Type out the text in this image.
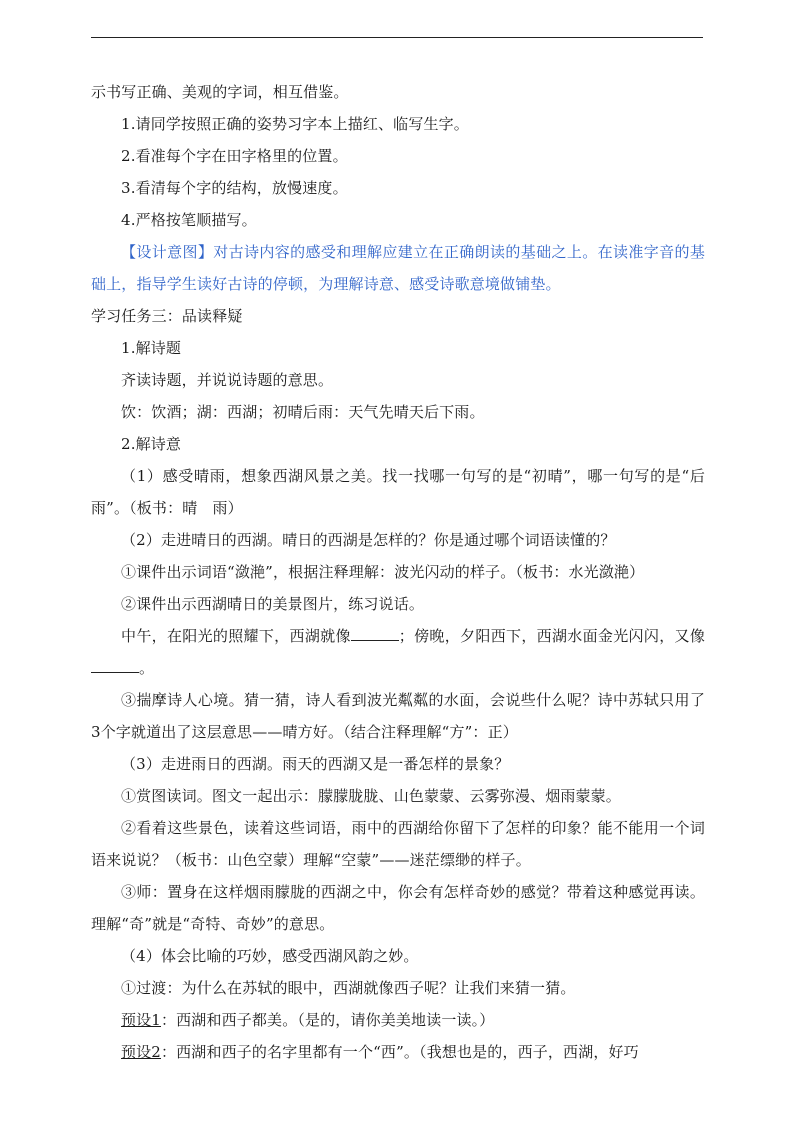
示书写正确、美观的字词，相互借鉴。

1.请同学按照正确的姿势习字本上描红、临写生字。

2.看准每个字在田字格里的位置。

3.看清每个字的结构，放慢速度。

4.严格按笔顺描写。

【设计意图】对古诗内容的感受和理解应建立在正确朗读的基础之上。在读准字音的基础上，指导学生读好古诗的停顿，为理解诗意、感受诗歌意境做铺垫。

学习任务三：品读释疑

1.解诗题

齐读诗题，并说说诗题的意思。

饮：饮酒；湖：西湖；初晴后雨：天气先晴天后下雨。

2.解诗意

（1）感受晴雨，想象西湖风景之美。找一找哪一句写的是“初晴”，哪一句写的是“后雨”。（板书：晴　雨）

（2）走进晴日的西湖。晴日的西湖是怎样的？你是通过哪个词语读懂的？

①课件出示词语“潋滟”，根据注释理解：波光闪动的样子。（板书：水光潋滟）

②课件出示西湖晴日的美景图片，练习说话。

中午，在阳光的照耀下，西湖就像	；傍晚，夕阳西下，西湖水面金光闪闪，又像。

③揣摩诗人心境。猜一猜，诗人看到波光粼粼的水面，会说些什么呢？诗中苏轼只用了3个字就道出了这层意思——晴方好。（结合注释理解“方”：正）

（3）走进雨日的西湖。雨天的西湖又是一番怎样的景象？

①赏图读词。图文一起出示：朦朦胧胧、山色蒙蒙、云雾弥漫、烟雨蒙蒙。

②看着这些景色，读着这些词语，雨中的西湖给你留下了怎样的印象？能不能用一个词语来说说？（板书：山色空蒙）理解“空蒙”——迷茫缥缈的样子。

③师：置身在这样烟雨朦胧的西湖之中，你会有怎样奇妙的感觉？带着这种感觉再读。理解“奇”就是“奇特、奇妙”的意思。

（4）体会比喻的巧妙，感受西湖风韵之妙。

①过渡：为什么在苏轼的眼中，西湖就像西子呢？让我们来猜一猜。

预设1：西湖和西子都美。（是的，请你美美地读一读。）

预设2：西湖和西子的名字里都有一个“西”。（我想也是的，西子，西湖，好巧
